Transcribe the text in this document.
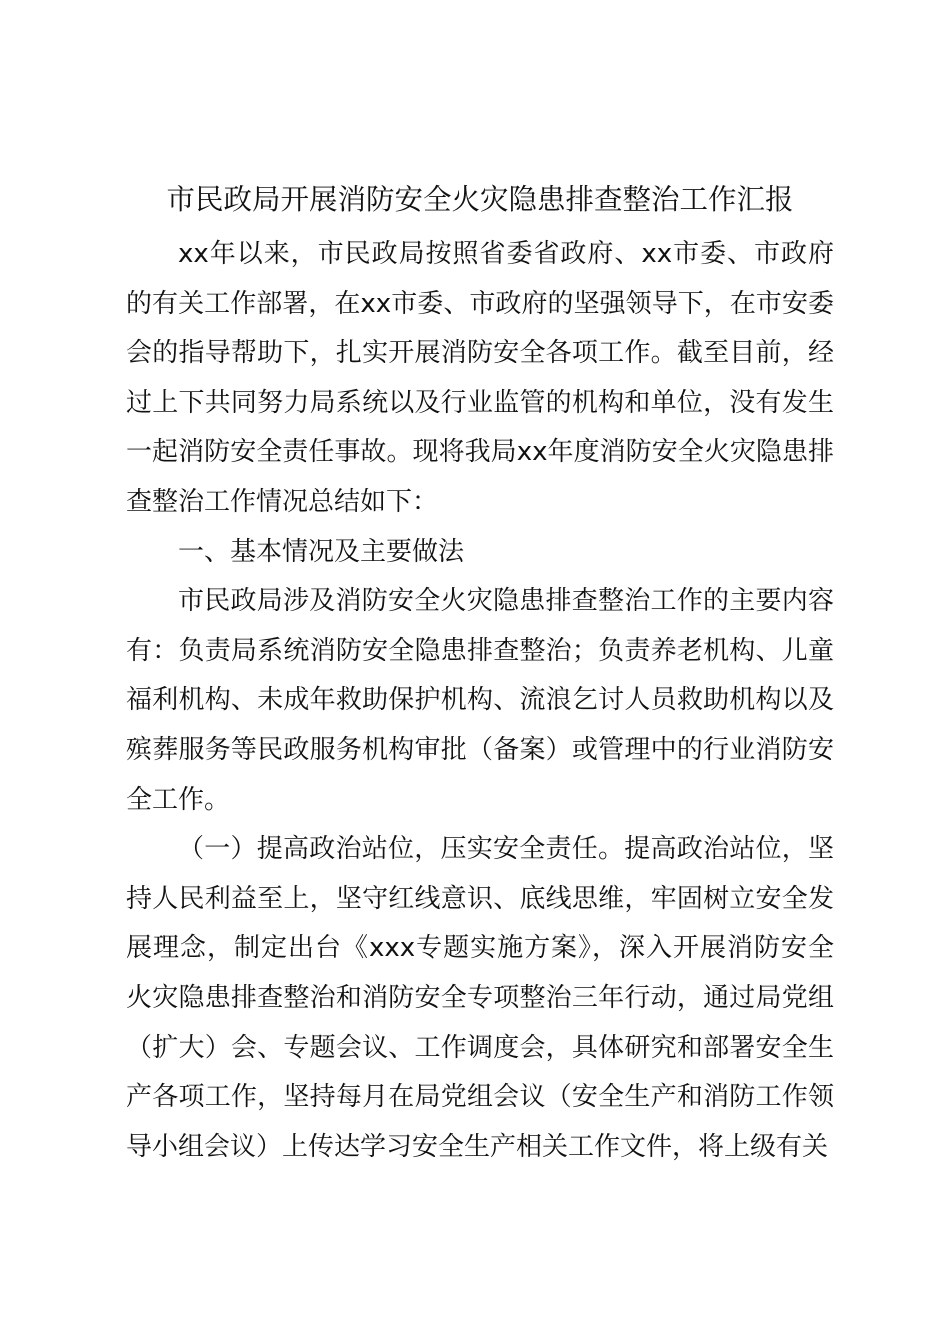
市民政局开展消防安全火灾隐患排查整治工作汇报

xx年以来，市民政局按照省委省政府、xx市委、市政府的有关工作部署，在xx市委、市政府的坚强领导下，在市安委会的指导帮助下，扎实开展消防安全各项工作。截至目前，经过上下共同努力局系统以及行业监管的机构和单位，没有发生一起消防安全责任事故。现将我局xx年度消防安全火灾隐患排查整治工作情况总结如下：

一、基本情况及主要做法

市民政局涉及消防安全火灾隐患排查整治工作的主要内容有：负责局系统消防安全隐患排查整治；负责养老机构、儿童福利机构、未成年救助保护机构、流浪乞讨人员救助机构以及殡葬服务等民政服务机构审批（备案）或管理中的行业消防安全工作。

（一）提高政治站位，压实安全责任。提高政治站位，坚持人民利益至上，坚守红线意识、底线思维，牢固树立安全发展理念，制定出台《xxx专题实施方案》，深入开展消防安全火灾隐患排查整治和消防安全专项整治三年行动，通过局党组（扩大）会、专题会议、工作调度会，具体研究和部署安全生产各项工作，坚持每月在局党组会议（安全生产和消防工作领导小组会议）上传达学习安全生产相关工作文件，将上级有关
